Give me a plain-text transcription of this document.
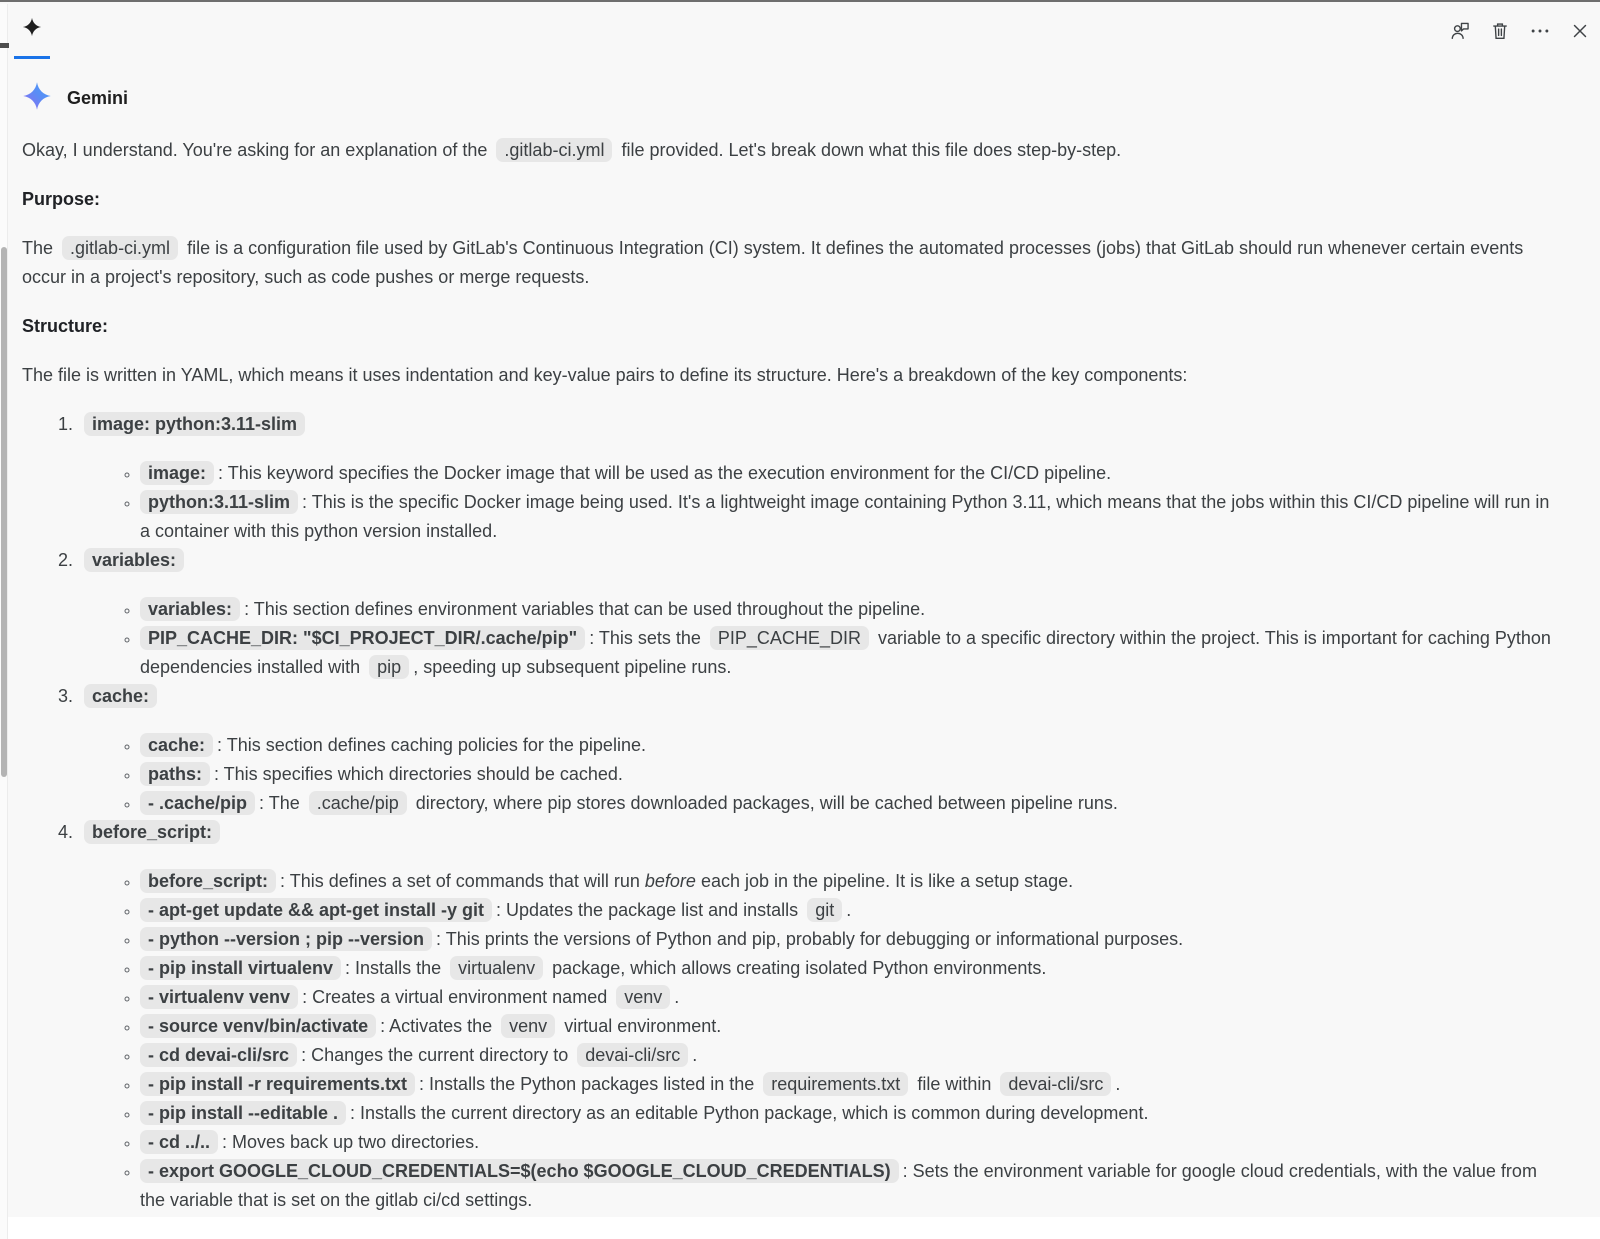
Gemini

Okay, I understand. You're asking for an explanation of the .gitlab-ci.yml file provided. Let's break down what this file does step-by-step.

Purpose:

The .gitlab-ci.yml file is a configuration file used by GitLab's Continuous Integration (CI) system. It defines the automated processes (jobs) that GitLab should run whenever certain events occur in a project's repository, such as code pushes or merge requests.

Structure:

The file is written in YAML, which means it uses indentation and key-value pairs to define its structure. Here's a breakdown of the key components:

1. image: python:3.11-slim
◦ image: : This keyword specifies the Docker image that will be used as the execution environment for the CI/CD pipeline.
◦ python:3.11-slim : This is the specific Docker image being used. It's a lightweight image containing Python 3.11, which means that the jobs within this CI/CD pipeline will run in a container with this python version installed.
2. variables:
◦ variables: : This section defines environment variables that can be used throughout the pipeline.
◦ PIP_CACHE_DIR: "$CI_PROJECT_DIR/.cache/pip" : This sets the PIP_CACHE_DIR variable to a specific directory within the project. This is important for caching Python dependencies installed with pip , speeding up subsequent pipeline runs.
3. cache:
◦ cache: : This section defines caching policies for the pipeline.
◦ paths: : This specifies which directories should be cached.
◦ - .cache/pip : The .cache/pip directory, where pip stores downloaded packages, will be cached between pipeline runs.
4. before_script:
◦ before_script: : This defines a set of commands that will run before each job in the pipeline. It is like a setup stage.
◦ - apt-get update && apt-get install -y git : Updates the package list and installs git .
◦ - python --version ; pip --version : This prints the versions of Python and pip, probably for debugging or informational purposes.
◦ - pip install virtualenv : Installs the virtualenv package, which allows creating isolated Python environments.
◦ - virtualenv venv : Creates a virtual environment named venv .
◦ - source venv/bin/activate : Activates the venv virtual environment.
◦ - cd devai-cli/src : Changes the current directory to devai-cli/src .
◦ - pip install -r requirements.txt : Installs the Python packages listed in the requirements.txt file within devai-cli/src .
◦ - pip install --editable . : Installs the current directory as an editable Python package, which is common during development.
◦ - cd ../.. : Moves back up two directories.
◦ - export GOOGLE_CLOUD_CREDENTIALS=$(echo $GOOGLE_CLOUD_CREDENTIALS) : Sets the environment variable for google cloud credentials, with the value from the variable that is set on the gitlab ci/cd settings.
